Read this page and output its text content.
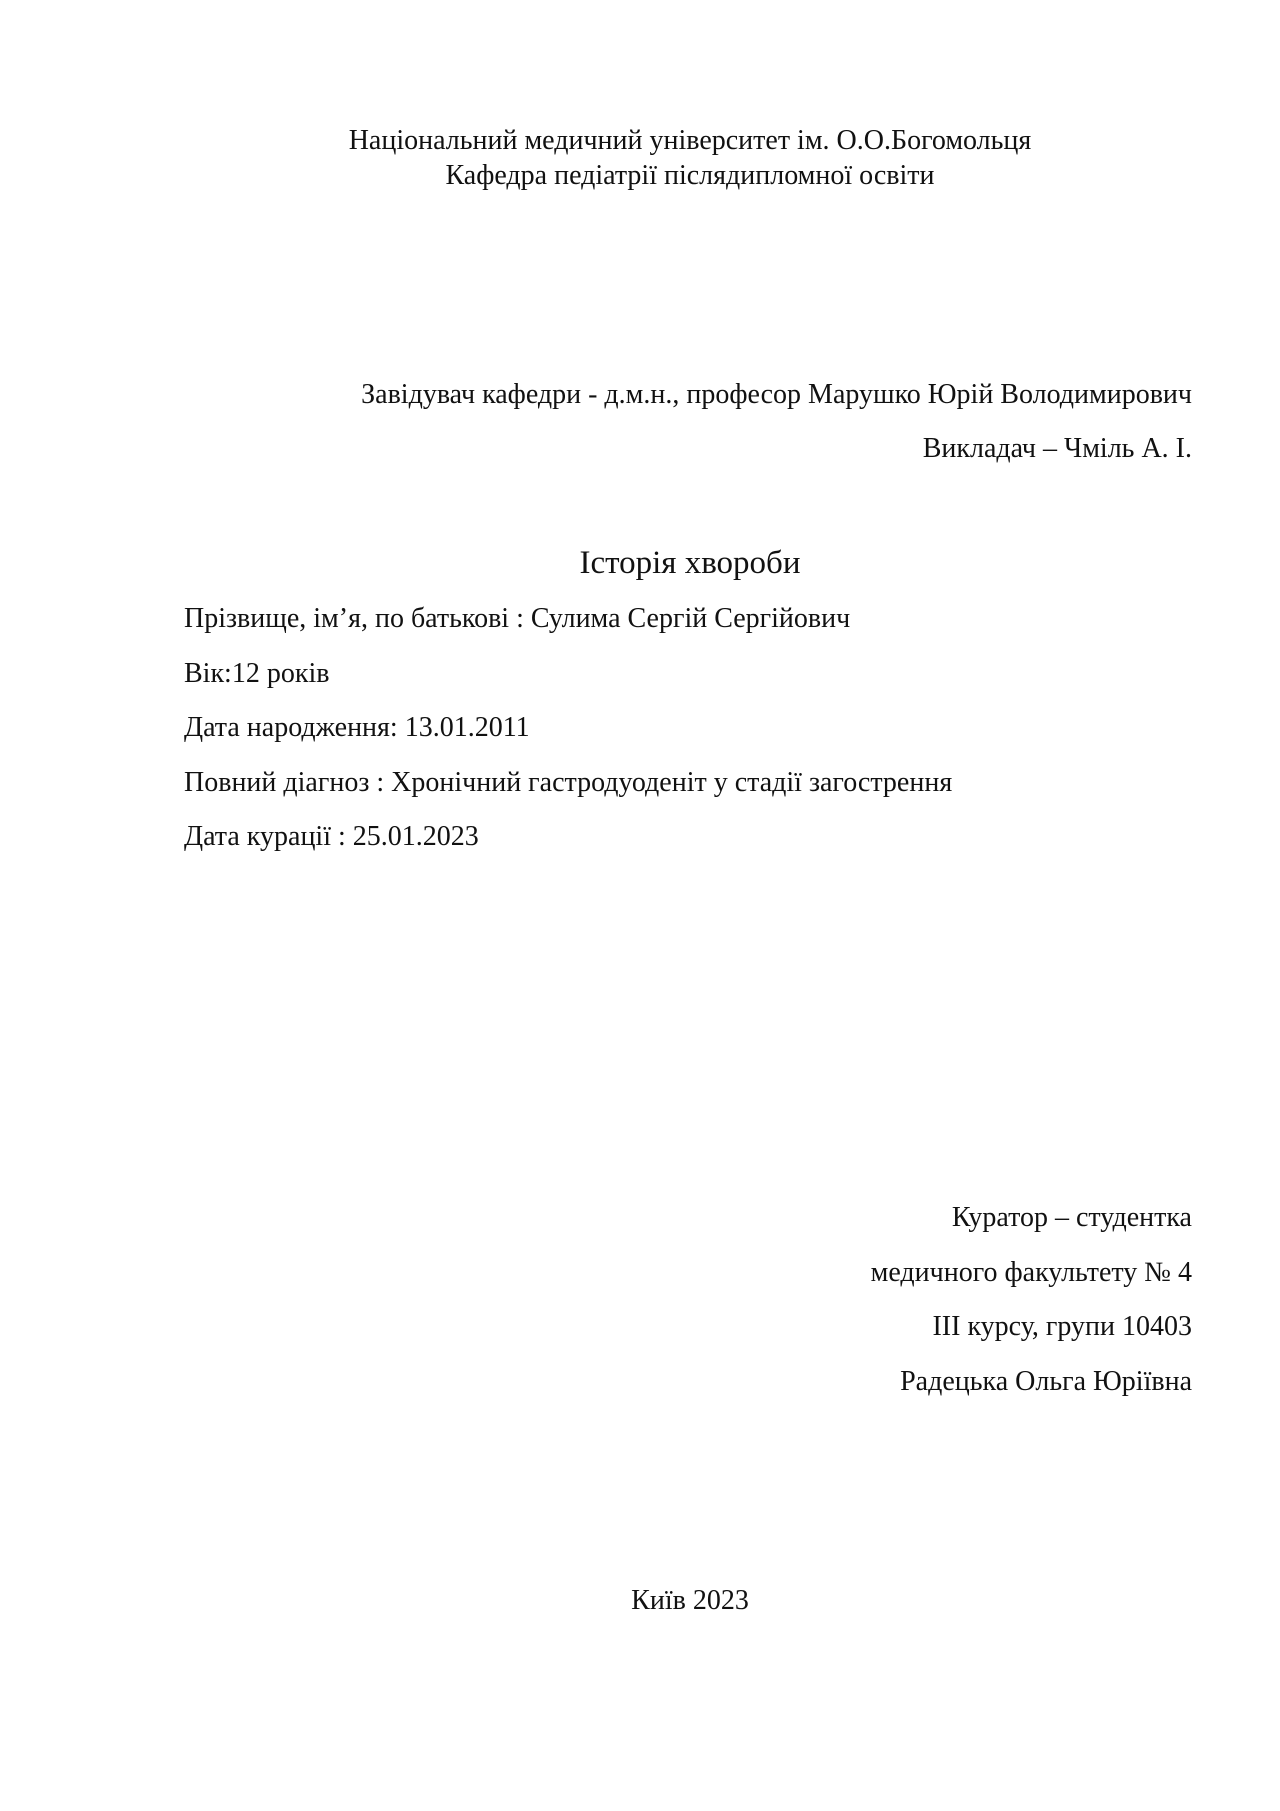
Національний медичний університет ім. О.О.Богомольця
Кафедра педіатрії післядипломної освіти
Завідувач кафедри - д.м.н., професор Марушко Юрій Володимирович
Викладач – Чміль А. І.
Історія хвороби
Прізвище, ім’я, по батькові : Сулима Сергій Сергійович
Вік:12 років
Дата народження: 13.01.2011
Повний діагноз : Хронічний гастродуоденіт у стадії загострення
Дата курації : 25.01.2023
Куратор – студентка
медичного факультету № 4
ІІІ курсу, групи 10403
Радецька Ольга Юріївна
Київ 2023
